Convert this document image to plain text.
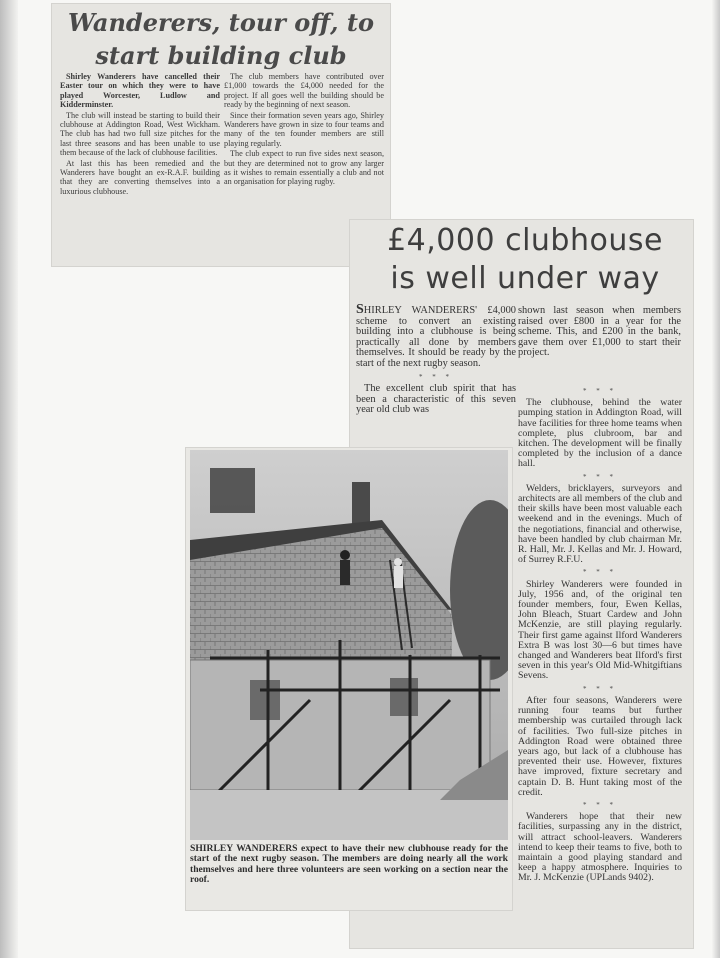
Wanderers, tour off, to
start building club

Shirley Wanderers have cancelled their Easter tour on which they were to have played Worcester, Ludlow and Kidderminster.

The club will instead be starting to build their clubhouse at Addington Road, West Wickham. The club has had two full size pitches for the last three seasons and has been unable to use them because of the lack of clubhouse facilities.

At last this has been remedied and the Wanderers have bought an ex-R.A.F. building that they are converting themselves into a luxurious clubhouse.

The club members have contributed over £1,000 towards the £4,000 needed for the project. If all goes well the building should be ready by the beginning of next season.

Since their formation seven years ago, Shirley Wanderers have grown in size to four teams and many of the ten founder members are still playing regularly.

The club expect to run five sides next season, but they are determined not to grow any larger as it wishes to remain essentially a club and not an organisation for playing rugby.

£4,000 clubhouse
is well under way

SHIRLEY WANDERERS' £4,000 scheme to convert an existing building into a clubhouse is being practically all done by members themselves. It should be ready by the start of the next rugby season.

* * *

The excellent club spirit that has been a characteristic of this seven year old club was

shown last season when members raised over £800 in a year for the scheme. This, and £200 in the bank, gave them over £1,000 to start their project.

* * *

The clubhouse, behind the water pumping station in Addington Road, will have facilities for three home teams when complete, plus clubroom, bar and kitchen. The development will be finally completed by the inclusion of a dance hall.

* * *

Welders, bricklayers, surveyors and architects are all members of the club and their skills have been most valuable each weekend and in the evenings. Much of the negotiations, financial and otherwise, have been handled by club chairman Mr. R. Hall, Mr. J. Kellas and Mr. J. Howard, of Surrey R.F.U.

* * *

Shirley Wanderers were founded in July, 1956 and, of the original ten founder members, four, Ewen Kellas, John Bleach, Stuart Cardew and John McKenzie, are still playing regularly. Their first game against Ilford Wanderers Extra B was lost 30—6 but times have changed and Wanderers beat Ilford's first seven in this year's Old Mid-Whitgiftians Sevens.

* * *

After four seasons, Wanderers were running four teams but further membership was curtailed through lack of facilities. Two full-size pitches in Addington Road were obtained three years ago, but lack of a clubhouse has prevented their use. However, fixtures have improved, fixture secretary and captain D. B. Hunt taking most of the credit.

* * *

Wanderers hope that their new facilities, surpassing any in the district, will attract school-leavers. Wanderers intend to keep their teams to five, both to maintain a good playing standard and keep a happy atmosphere. Inquiries to Mr. J. McKenzie (UPLands 9402).

SHIRLEY WANDERERS expect to have their new clubhouse ready for the start of the next rugby season. The members are doing nearly all the work themselves and here three volunteers are seen working on a section near the roof.
